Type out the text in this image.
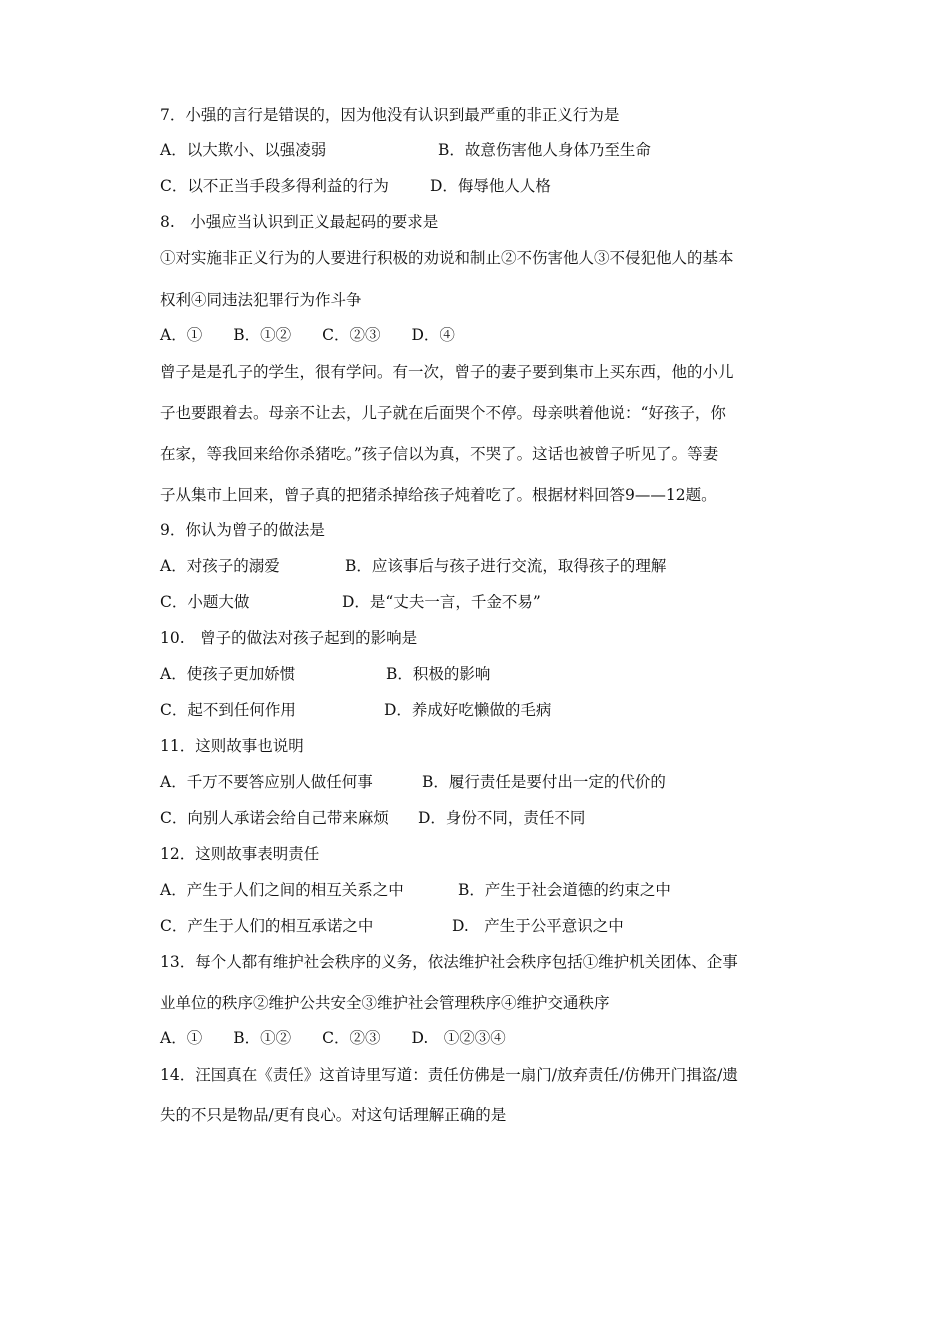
7．小强的言行是错误的，因为他没有认识到最严重的非正义行为是
A．以大欺小、以强凌弱	B．故意伤害他人身体乃至生命
C．以不正当手段多得利益的行为	D．侮辱他人人格
8.　小强应当认识到正义最起码的要求是
①对实施非正义行为的人要进行积极的劝说和制止②不伤害他人③不侵犯他人的基本
权利④同违法犯罪行为作斗争
A．①　　B．①②　　C．②③　　D．④
曾子是是孔子的学生，很有学问。有一次，曾子的妻子要到集市上买东西，他的小儿
子也要跟着去。母亲不让去，儿子就在后面哭个不停。母亲哄着他说：“好孩子，你
在家，等我回来给你杀猪吃。”孩子信以为真，不哭了。这话也被曾子听见了。等妻
子从集市上回来，曾子真的把猪杀掉给孩子炖着吃了。根据材料回答9——12题。
9．你认为曾子的做法是
A．对孩子的溺爱	B．应该事后与孩子进行交流，取得孩子的理解
C．小题大做	D．是“丈夫一言，千金不易”
10.　曾子的做法对孩子起到的影响是
A．使孩子更加娇惯	B．积极的影响
C．起不到任何作用	D．养成好吃懒做的毛病
11．这则故事也说明
A．千万不要答应别人做任何事	B．履行责任是要付出一定的代价的
C．向别人承诺会给自己带来麻烦 D．身份不同，责任不同
12．这则故事表明责任
A．产生于人们之间的相互关系之中	B．产生于社会道德的约束之中
C．产生于人们的相互承诺之中	D.　产生于公平意识之中
13．每个人都有维护社会秩序的义务，依法维护社会秩序包括①维护机关团体、企事
业单位的秩序②维护公共安全③维护社会管理秩序④维护交通秩序
A．①　　B．①②　　C．②③　　D.　①②③④
14．汪国真在《责任》这首诗里写道：责任仿佛是一扇门/放弃责任/仿佛开门揖盗/遗
失的不只是物品/更有良心。对这句话理解正确的是
